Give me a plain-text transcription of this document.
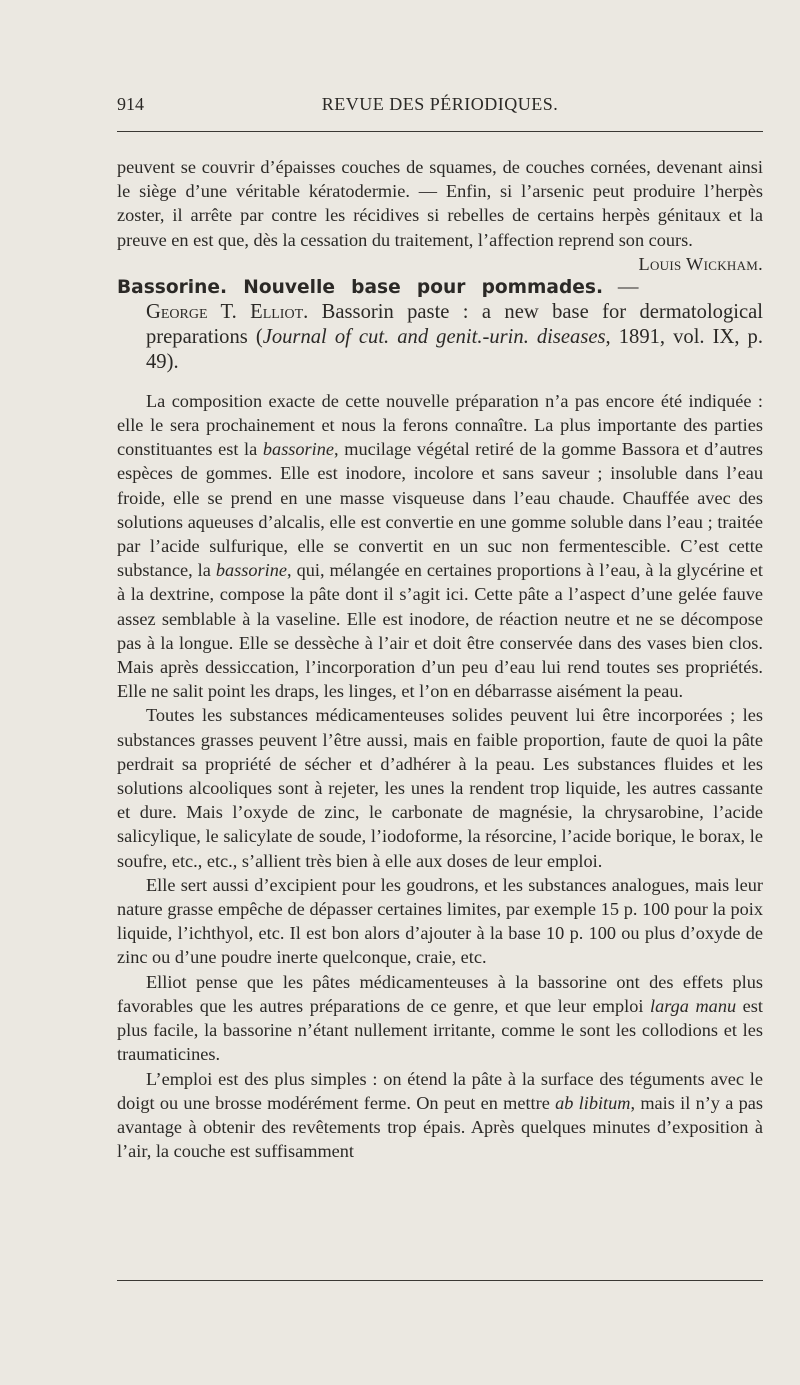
914	REVUE DES PÉRIODIQUES.

peuvent se couvrir d’épaisses couches de squames, de couches cornées, devenant ainsi le siège d’une véritable kératodermie. — Enfin, si l’arsenic peut produire l’herpès zoster, il arrête par contre les récidives si rebelles de certains herpès génitaux et la preuve en est que, dès la cessation du traitement, l’affection reprend son cours.
Louis Wickham.

Bassorine. Nouvelle base pour pommades. — George T. Elliot. Bassorin paste : a new base for dermatological preparations (Journal of cut. and genit.-urin. diseases, 1891, vol. IX, p. 49).

La composition exacte de cette nouvelle préparation n’a pas encore été indiquée : elle le sera prochainement et nous la ferons connaître. La plus importante des parties constituantes est la bassorine, mucilage végétal retiré de la gomme Bassora et d’autres espèces de gommes. Elle est inodore, incolore et sans saveur ; insoluble dans l’eau froide, elle se prend en une masse visqueuse dans l’eau chaude. Chauffée avec des solutions aqueuses d’alcalis, elle est convertie en une gomme soluble dans l’eau ; traitée par l’acide sulfurique, elle se convertit en un suc non fermentescible. C’est cette substance, la bassorine, qui, mélangée en certaines proportions à l’eau, à la glycérine et à la dextrine, compose la pâte dont il s’agit ici. Cette pâte a l’aspect d’une gelée fauve assez semblable à la vaseline. Elle est inodore, de réaction neutre et ne se décompose pas à la longue. Elle se dessèche à l’air et doit être conservée dans des vases bien clos. Mais après dessiccation, l’incorporation d’un peu d’eau lui rend toutes ses propriétés. Elle ne salit point les draps, les linges, et l’on en débarrasse aisément la peau.

Toutes les substances médicamenteuses solides peuvent lui être incorporées ; les substances grasses peuvent l’être aussi, mais en faible proportion, faute de quoi la pâte perdrait sa propriété de sécher et d’adhérer à la peau. Les substances fluides et les solutions alcooliques sont à rejeter, les unes la rendent trop liquide, les autres cassante et dure. Mais l’oxyde de zinc, le carbonate de magnésie, la chrysarobine, l’acide salicylique, le salicylate de soude, l’iodoforme, la résorcine, l’acide borique, le borax, le soufre, etc., etc., s’allient très bien à elle aux doses de leur emploi.

Elle sert aussi d’excipient pour les goudrons, et les substances analogues, mais leur nature grasse empêche de dépasser certaines limites, par exemple 15 p. 100 pour la poix liquide, l’ichthyol, etc. Il est bon alors d’ajouter à la base 10 p. 100 ou plus d’oxyde de zinc ou d’une poudre inerte quelconque, craie, etc.

Elliot pense que les pâtes médicamenteuses à la bassorine ont des effets plus favorables que les autres préparations de ce genre, et que leur emploi larga manu est plus facile, la bassorine n’étant nullement irritante, comme le sont les collodions et les traumaticines.

L’emploi est des plus simples : on étend la pâte à la surface des téguments avec le doigt ou une brosse modérément ferme. On peut en mettre ab libitum, mais il n’y a pas avantage à obtenir des revêtements trop épais. Après quelques minutes d’exposition à l’air, la couche est suffisamment
